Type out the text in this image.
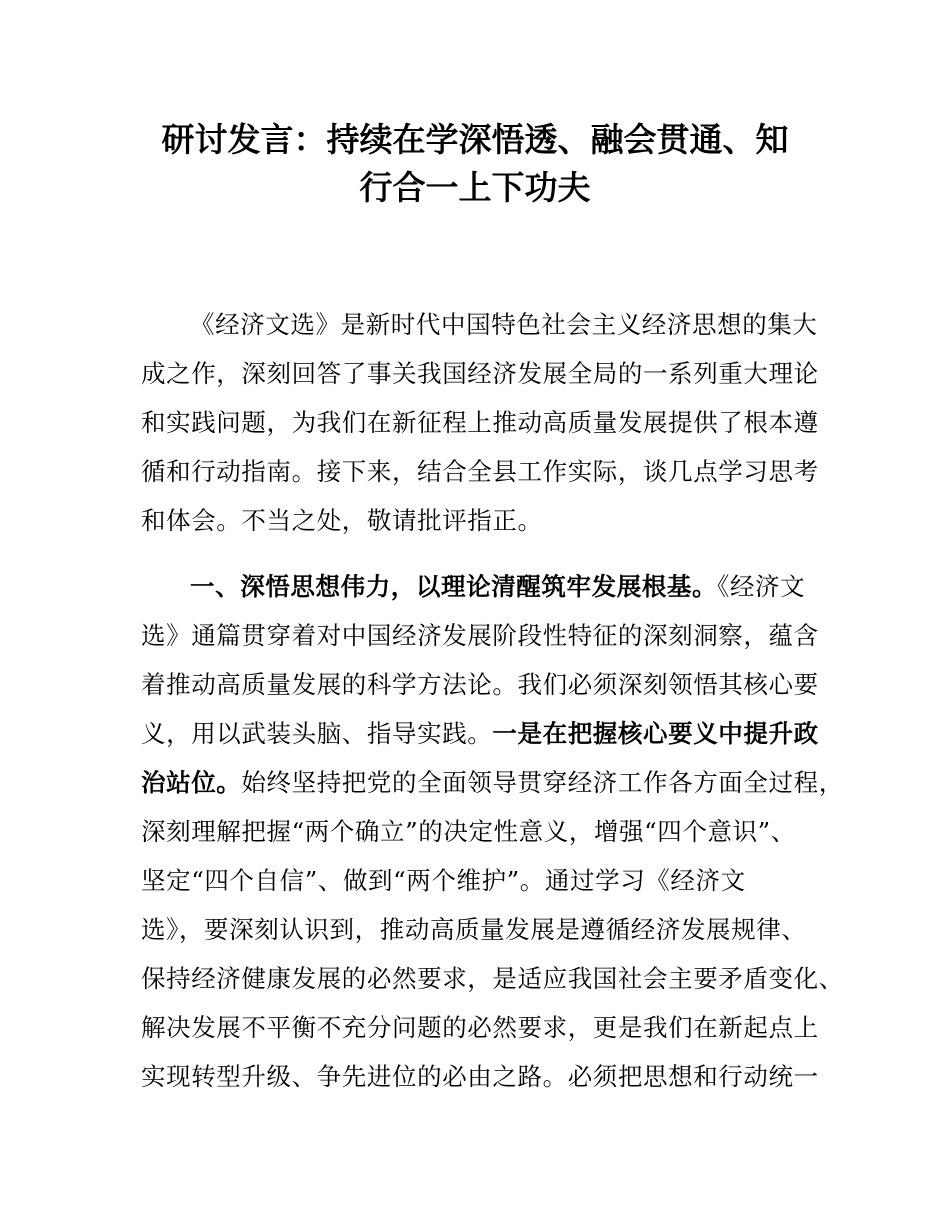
研讨发言：持续在学深悟透、融会贯通、知
行合一上下功夫
《经济文选》是新时代中国特色社会主义经济思想的集大
成之作，深刻回答了事关我国经济发展全局的一系列重大理论
和实践问题，为我们在新征程上推动高质量发展提供了根本遵
循和行动指南。接下来，结合全县工作实际，谈几点学习思考
和体会。不当之处，敬请批评指正。
一、深悟思想伟力，以理论清醒筑牢发展根基。《经济文
选》通篇贯穿着对中国经济发展阶段性特征的深刻洞察，蕴含
着推动高质量发展的科学方法论。我们必须深刻领悟其核心要
义，用以武装头脑、指导实践。一是在把握核心要义中提升政
治站位。始终坚持把党的全面领导贯穿经济工作各方面全过程，
深刻理解把握“两个确立”的决定性意义，增强“四个意识”、
坚定“四个自信”、做到“两个维护”。通过学习《经济文
选》，要深刻认识到，推动高质量发展是遵循经济发展规律、
保持经济健康发展的必然要求，是适应我国社会主要矛盾变化、
解决发展不平衡不充分问题的必然要求，更是我们在新起点上
实现转型升级、争先进位的必由之路。必须把思想和行动统一
